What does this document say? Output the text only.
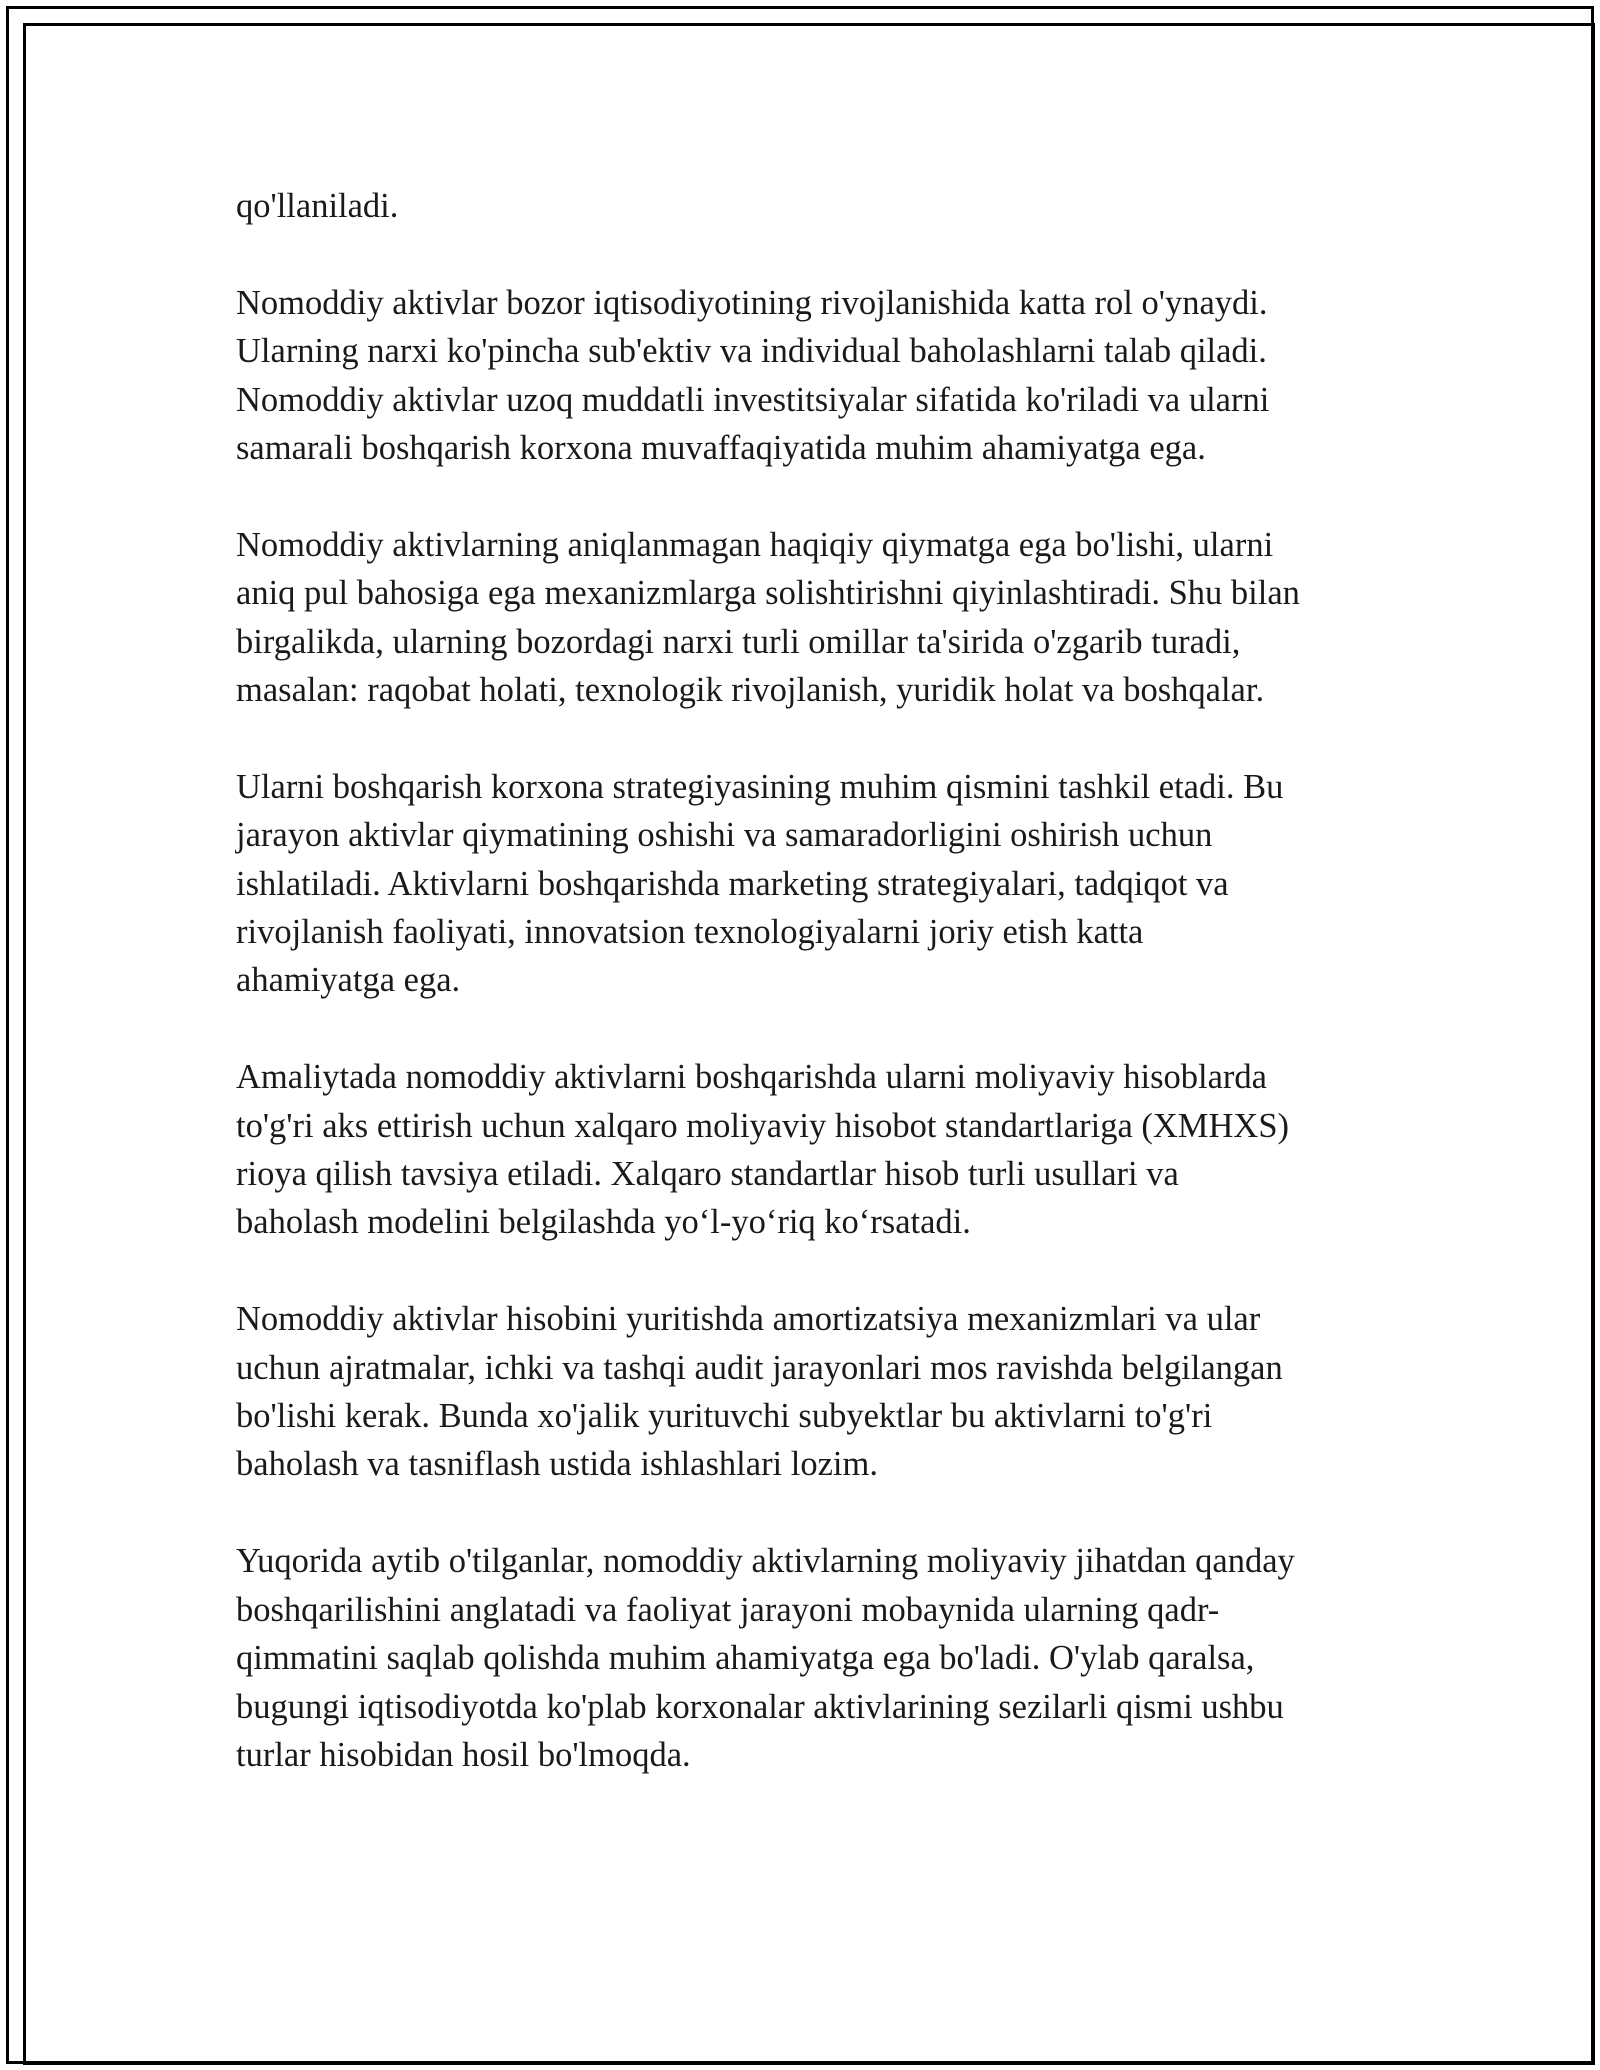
qo'llaniladi.

Nomoddiy aktivlar bozor iqtisodiyotining rivojlanishida katta rol o'ynaydi.
Ularning narxi ko'pincha sub'ektiv va individual baholashlarni talab qiladi.
Nomoddiy aktivlar uzoq muddatli investitsiyalar sifatida ko'riladi va ularni
samarali boshqarish korxona muvaffaqiyatida muhim ahamiyatga ega.

Nomoddiy aktivlarning aniqlanmagan haqiqiy qiymatga ega bo'lishi, ularni
aniq pul bahosiga ega mexanizmlarga solishtirishni qiyinlashtiradi. Shu bilan
birgalikda, ularning bozordagi narxi turli omillar ta'sirida o'zgarib turadi,
masalan: raqobat holati, texnologik rivojlanish, yuridik holat va boshqalar.

Ularni boshqarish korxona strategiyasining muhim qismini tashkil etadi. Bu
jarayon aktivlar qiymatining oshishi va samaradorligini oshirish uchun
ishlatiladi. Aktivlarni boshqarishda marketing strategiyalari, tadqiqot va
rivojlanish faoliyati, innovatsion texnologiyalarni joriy etish katta
ahamiyatga ega.

Amaliytada nomoddiy aktivlarni boshqarishda ularni moliyaviy hisoblarda
to'g'ri aks ettirish uchun xalqaro moliyaviy hisobot standartlariga (XMHXS)
rioya qilish tavsiya etiladi. Xalqaro standartlar hisob turli usullari va
baholash modelini belgilashda yo‘l-yo‘riq ko‘rsatadi.

Nomoddiy aktivlar hisobini yuritishda amortizatsiya mexanizmlari va ular
uchun ajratmalar, ichki va tashqi audit jarayonlari mos ravishda belgilangan
bo'lishi kerak. Bunda xo'jalik yurituvchi subyektlar bu aktivlarni to'g'ri
baholash va tasniflash ustida ishlashlari lozim.

Yuqorida aytib o'tilganlar, nomoddiy aktivlarning moliyaviy jihatdan qanday
boshqarilishini anglatadi va faoliyat jarayoni mobaynida ularning qadr-
qimmatini saqlab qolishda muhim ahamiyatga ega bo'ladi. O'ylab qaralsa,
bugungi iqtisodiyotda ko'plab korxonalar aktivlarining sezilarli qismi ushbu
turlar hisobidan hosil bo'lmoqda.
